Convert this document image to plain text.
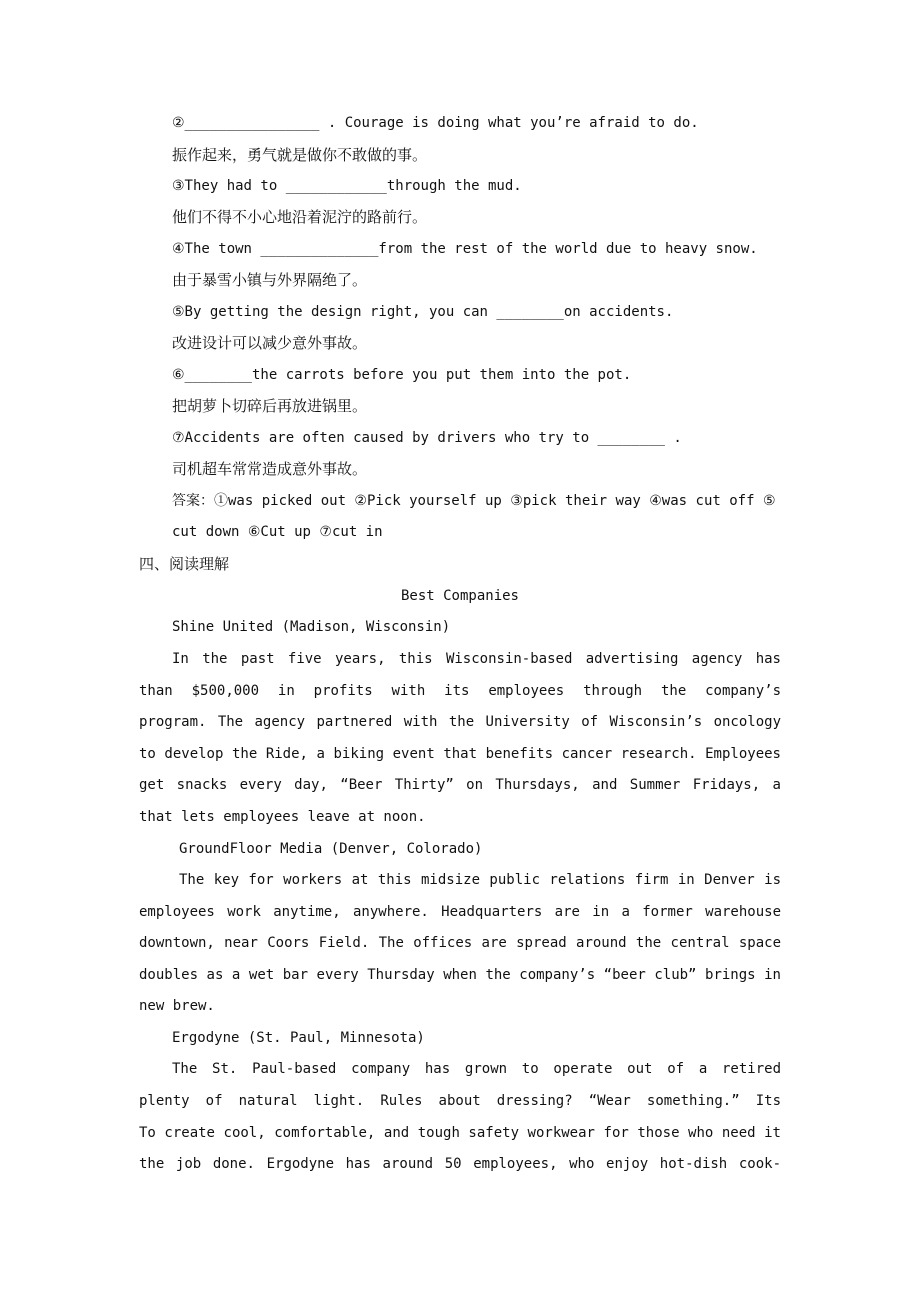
②________________ . Courage is doing what you’re afraid to do.
振作起来，勇气就是做你不敢做的事。
③They had to ____________through the mud.
他们不得不小心地沿着泥泞的路前行。
④The town ______________from the rest of the world due to heavy snow.
由于暴雪小镇与外界隔绝了。
⑤By getting the design right, you can ________on accidents.
改进设计可以减少意外事故。
⑥________the carrots before you put them into the pot.
把胡萝卜切碎后再放进锅里。
⑦Accidents are often caused by drivers who try to ________ .
司机超车常常造成意外事故。
答案：①was picked out ②Pick yourself up ③pick their way ④was cut off ⑤
cut down ⑥Cut up ⑦cut in
四、阅读理解
Best Companies
Shine United (Madison, Wisconsin)
In the past five years, this Wisconsin-based advertising agency has
than $500,000 in profits with its employees through the company’s
program. The agency partnered with the University of Wisconsin’s oncology
to develop the Ride, a biking event that benefits cancer research. Employees
get snacks every day, “Beer Thirty” on Thursdays, and Summer Fridays, a
that lets employees leave at noon.
GroundFloor Media (Denver, Colorado)
The key for workers at this midsize public relations firm in Denver is
employees work anytime, anywhere. Headquarters are in a former warehouse
downtown, near Coors Field. The offices are spread around the central space
doubles as a wet bar every Thursday when the company’s “beer club” brings in
new brew.
Ergodyne (St. Paul, Minnesota)
The St. Paul-based company has grown to operate out of a retired
plenty of natural light. Rules about dressing? “Wear something.” Its
To create cool, comfortable, and tough safety workwear for those who need it
the job done. Ergodyne has around 50 employees, who enjoy hot-dish cook-
